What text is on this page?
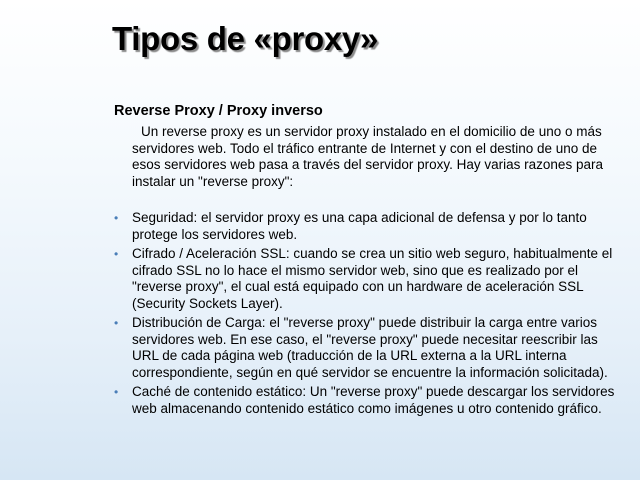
Tipos de «proxy»
Reverse Proxy / Proxy inverso

Un reverse proxy es un servidor proxy instalado en el domicilio de uno o más servidores web. Todo el tráfico entrante de Internet y con el destino de uno de esos servidores web pasa a través del servidor proxy. Hay varias razones para instalar un "reverse proxy":

• Seguridad: el servidor proxy es una capa adicional de defensa y por lo tanto protege los servidores web.
• Cifrado / Aceleración SSL: cuando se crea un sitio web seguro, habitualmente el cifrado SSL no lo hace el mismo servidor web, sino que es realizado por el "reverse proxy", el cual está equipado con un hardware de aceleración SSL (Security Sockets Layer).
• Distribución de Carga: el "reverse proxy" puede distribuir la carga entre varios servidores web. En ese caso, el "reverse proxy" puede necesitar reescribir las URL de cada página web (traducción de la URL externa a la URL interna correspondiente, según en qué servidor se encuentre la información solicitada).
• Caché de contenido estático: Un "reverse proxy" puede descargar los servidores web almacenando contenido estático como imágenes u otro contenido gráfico.
